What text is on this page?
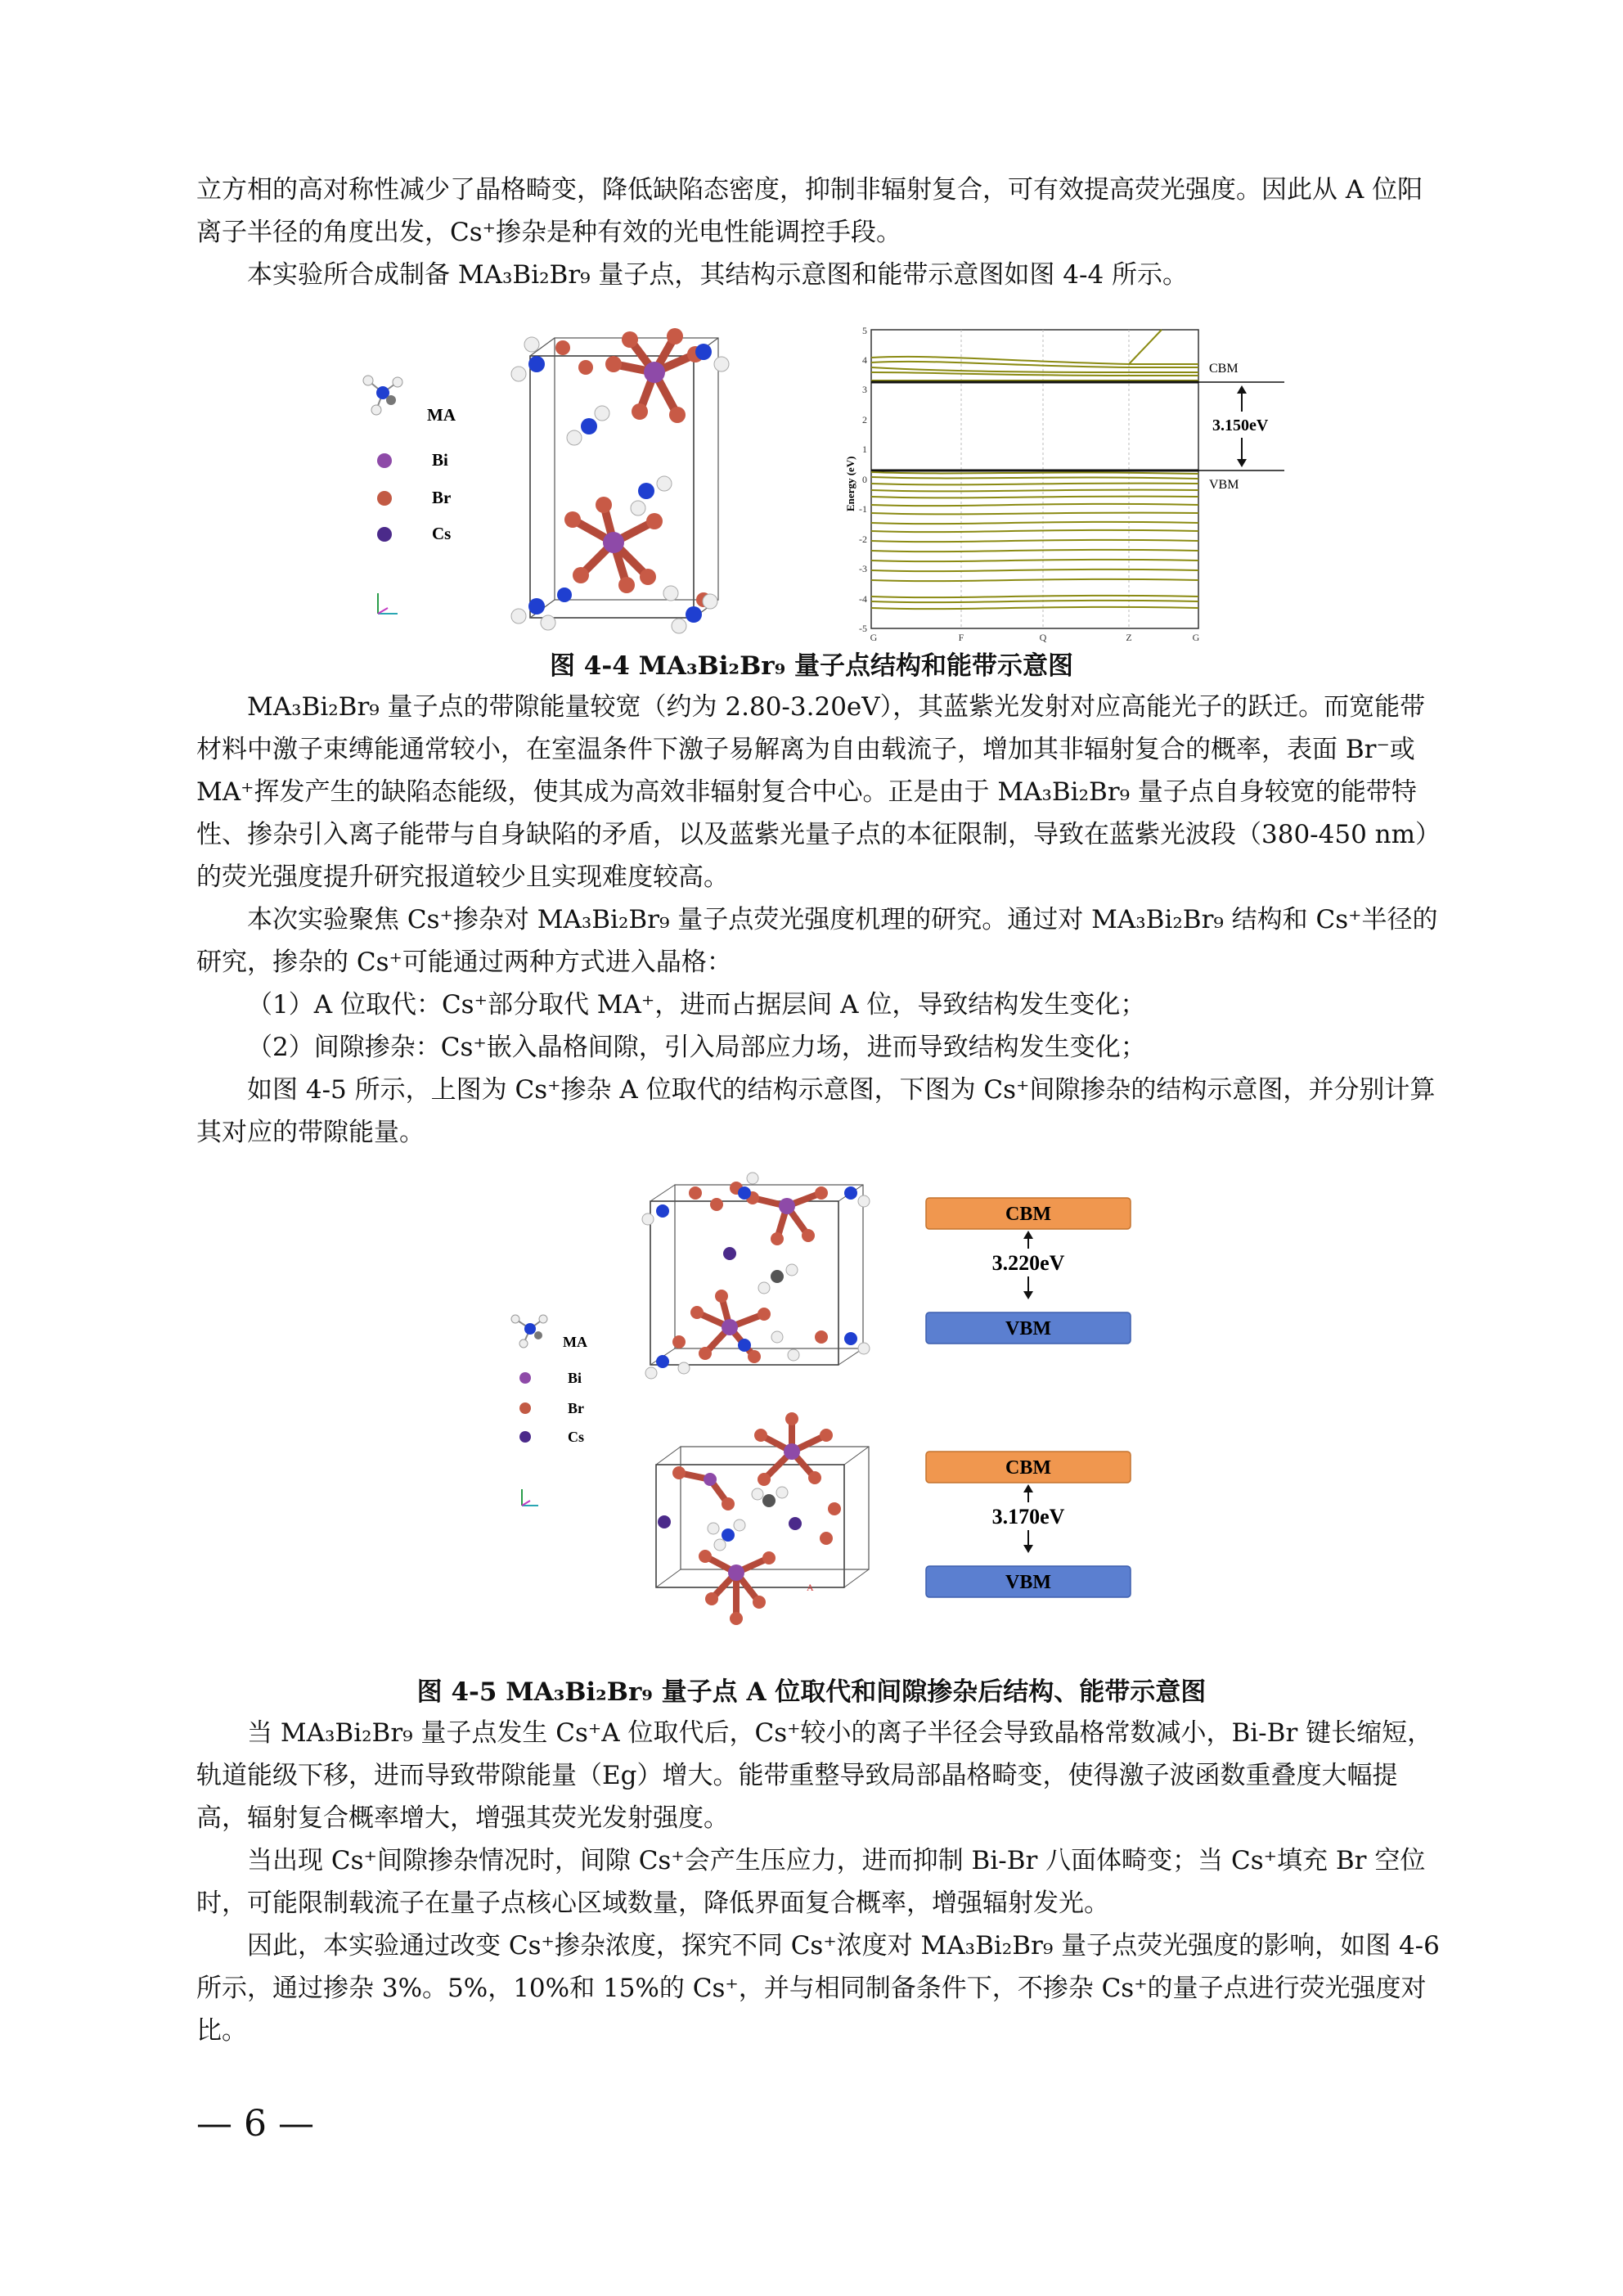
立方相的高对称性减少了晶格畸变，降低缺陷态密度，抑制非辐射复合，可有效提高荧光强度。因此从 A 位阳离子半径的角度出发，Cs⁺掺杂是种有效的光电性能调控手段。

本实验所合成制备 MA₃Bi₂Br₉ 量子点，其结构示意图和能带示意图如图 4-4 所示。

MA
Bi
Br
Cs
5
4
3
2
1
0
-1
-2
-3
-4
-5
G	F	Q	Z	G
Energy (eV)
CBM
VBM
3.150eV

图 4-4 MA₃Bi₂Br₉ 量子点结构和能带示意图

MA₃Bi₂Br₉ 量子点的带隙能量较宽（约为 2.80-3.20eV），其蓝紫光发射对应高能光子的跃迁。而宽能带材料中激子束缚能通常较小，在室温条件下激子易解离为自由载流子，增加其非辐射复合的概率，表面 Br⁻或 MA⁺挥发产生的缺陷态能级，使其成为高效非辐射复合中心。正是由于 MA₃Bi₂Br₉ 量子点自身较宽的能带特性、掺杂引入离子能带与自身缺陷的矛盾，以及蓝紫光量子点的本征限制，导致在蓝紫光波段（380-450 nm）的荧光强度提升研究报道较少且实现难度较高。

本次实验聚焦 Cs⁺掺杂对 MA₃Bi₂Br₉ 量子点荧光强度机理的研究。通过对 MA₃Bi₂Br₉ 结构和 Cs⁺半径的研究，掺杂的 Cs⁺可能通过两种方式进入晶格：

（1）A 位取代：Cs⁺部分取代 MA⁺，进而占据层间 A 位，导致结构发生变化；

（2）间隙掺杂：Cs⁺嵌入晶格间隙，引入局部应力场，进而导致结构发生变化；

如图 4-5 所示，上图为 Cs⁺掺杂 A 位取代的结构示意图，下图为 Cs⁺间隙掺杂的结构示意图，并分别计算其对应的带隙能量。

MA
Bi
Br
Cs
CBM
3.220eV
VBM
A
CBM
3.170eV
VBM

图 4-5 MA₃Bi₂Br₉ 量子点 A 位取代和间隙掺杂后结构、能带示意图

当 MA₃Bi₂Br₉ 量子点发生 Cs⁺A 位取代后，Cs⁺较小的离子半径会导致晶格常数减小，Bi-Br 键长缩短，轨道能级下移，进而导致带隙能量（Eg）增大。能带重整导致局部晶格畸变，使得激子波函数重叠度大幅提高，辐射复合概率增大，增强其荧光发射强度。

当出现 Cs⁺间隙掺杂情况时，间隙 Cs⁺会产生压应力，进而抑制 Bi-Br 八面体畸变；当 Cs⁺填充 Br 空位时，可能限制载流子在量子点核心区域数量，降低界面复合概率，增强辐射发光。

因此，本实验通过改变 Cs⁺掺杂浓度，探究不同 Cs⁺浓度对 MA₃Bi₂Br₉ 量子点荧光强度的影响，如图 4-6 所示，通过掺杂 3%。5%，10%和 15%的 Cs⁺，并与相同制备条件下，不掺杂 Cs⁺的量子点进行荧光强度对比。

— 6 —
